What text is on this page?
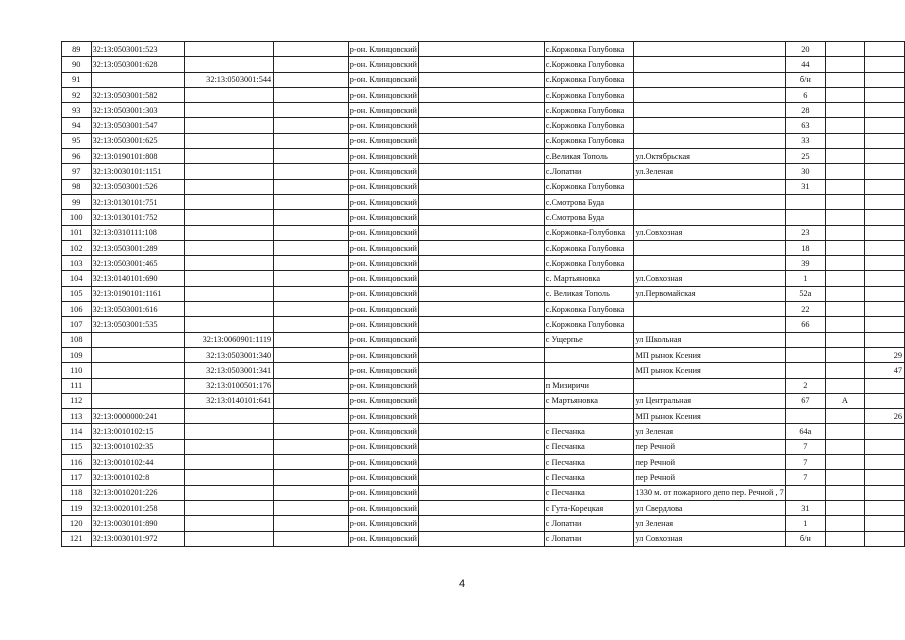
89	32:13:0503001:523			р-он. Клинцовский		с.Коржовка Голубовка		20		
90	32:13:0503001:628			р-он. Клинцовский		с.Коржовка Голубовка		44		
91		32:13:0503001:544		р-он. Клинцовский		с.Коржовка Голубовка		б/н		
92	32:13:0503001:582			р-он. Клинцовский		с.Коржовка Голубовка		6		
93	32:13:0503001:303			р-он. Клинцовский		с.Коржовка Голубовка		28		
94	32:13:0503001:547			р-он. Клинцовский		с.Коржовка Голубовка		63		
95	32:13:0503001:625			р-он. Клинцовский		с.Коржовка Голубовка		33		
96	32:13:0190101:808			р-он. Клинцовский		с.Великая Тополь	ул.Октябрьская	25		
97	32:13:0030101:1151			р-он. Клинцовский		с.Лопатни	ул.Зеленая	30		
98	32:13:0503001:526			р-он. Клинцовский		с.Коржовка Голубовка		31		
99	32:13:0130101:751			р-он. Клинцовский		с.Смотрова Буда				
100	32:13:0130101:752			р-он. Клинцовский		с.Смотрова Буда				
101	32:13:0310111:108			р-он. Клинцовский		с.Коржовка-Голубовка	ул.Совхозная	23		
102	32:13:0503001:289			р-он. Клинцовский		с.Коржовка Голубовка		18		
103	32:13:0503001:465			р-он. Клинцовский		с.Коржовка Голубовка		39		
104	32:13:0140101:690			р-он. Клинцовский		с. Мартьяновка	ул.Совхозная	1		
105	32:13:0190101:1161			р-он. Клинцовский		с. Великая Тополь	ул.Первомайская	52а		
106	32:13:0503001:616			р-он. Клинцовский		с.Коржовка Голубовка		22		
107	32:13:0503001:535			р-он. Клинцовский		с.Коржовка Голубовка		66		
108		32:13:0060901:1119		р-он. Клинцовский		с Ущерпье	ул Школьная			
109		32:13:0503001:340		р-он. Клинцовский			МП рынок Ксения			29
110		32:13:0503001:341		р-он. Клинцовский			МП рынок Ксения			47
111		32:13:0100501:176		р-он. Клинцовский		п Мизиричи		2		
112		32:13:0140101:641		р-он. Клинцовский		с Мартьяновка	ул Центральная	67	А	
113	32:13:0000000:241			р-он. Клинцовский			МП рынок Ксения			26
114	32:13:0010102:15			р-он. Клинцовский		с Песчанка	ул Зеленая	64а		
115	32:13:0010102:35			р-он. Клинцовский		с Песчанка	пер Речной	7		
116	32:13:0010102:44			р-он. Клинцовский		с Песчанка	пер Речной	7		
117	32:13:0010102:8			р-он. Клинцовский		с Песчанка	пер Речной	7		
118	32:13:0010201:226			р-он. Клинцовский		с Песчанка	1330 м. от пожарного депо пер. Речной , 7			
119	32:13:0020101:258			р-он. Клинцовский		с Гута-Корецкая	ул Свердлова	31		
120	32:13:0030101:890			р-он. Клинцовский		с Лопатни	ул Зеленая	1		
121	32:13:0030101:972			р-он. Клинцовский		с Лопатни	ул Совхозная	б/н		
4
